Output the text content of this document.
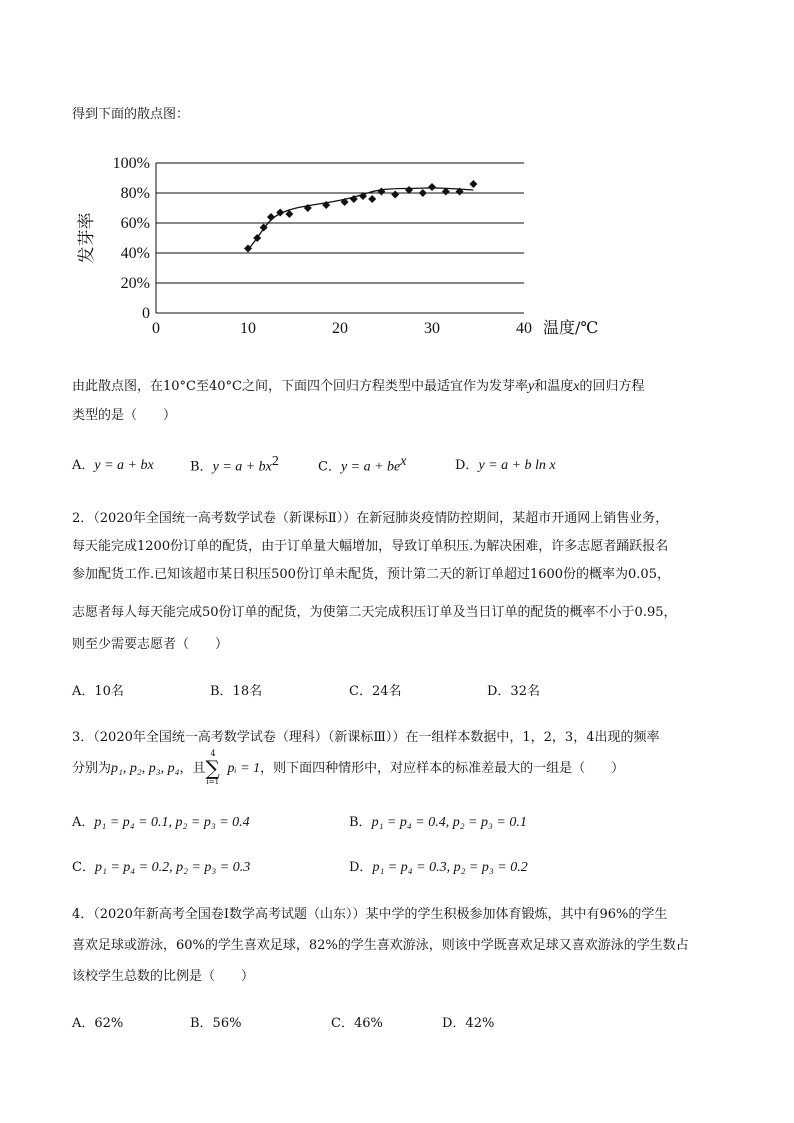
得到下面的散点图：
0
20%
40%
60%
80%
100%
0	10	20	30	40
发芽率
温度/℃
由此散点图，在10°C至40°C之间，下面四个回归方程类型中最适宜作为发芽率y和温度x的回归方程
类型的是（　　）
A．y = a + bx	B．$y = a + bx^2$	C．$y = a + be^x$	D．y = a + b ln x
2．（2020年全国统一高考数学试卷（新课标Ⅱ））在新冠肺炎疫情防控期间，某超市开通网上销售业务，
每天能完成1200份订单的配货，由于订单量大幅增加，导致订单积压.为解决困难，许多志愿者踊跃报名
参加配货工作.已知该超市某日积压500份订单未配货，预计第二天的新订单超过1600份的概率为0.05，
志愿者每人每天能完成50份订单的配货，为使第二天完成积压订单及当日订单的配货的概率不小于0.95，
则至少需要志愿者（　　）
A．10名	B．18名	C．24名	D．32名
3．（2020年全国统一高考数学试卷（理科）（新课标Ⅲ））在一组样本数据中，1，2，3，4出现的频率
分别为p₁, p₂, p₃, p₄，且
4
∑
i=1
pᵢ = 1，则下面四种情形中，对应样本的标准差最大的一组是（　　）
A．p₁ = p₄ = 0.1, p₂ = p₃ = 0.4	B．p₁ = p₄ = 0.4, p₂ = p₃ = 0.1
C．p₁ = p₄ = 0.2, p₂ = p₃ = 0.3	D．p₁ = p₄ = 0.3, p₂ = p₃ = 0.2
4．（2020年新高考全国卷Ⅰ数学高考试题（山东））某中学的学生积极参加体育锻炼，其中有96%的学生
喜欢足球或游泳，60%的学生喜欢足球，82%的学生喜欢游泳，则该中学既喜欢足球又喜欢游泳的学生数占
该校学生总数的比例是（　　）
A．62%	B．56%	C．46%	D．42%
